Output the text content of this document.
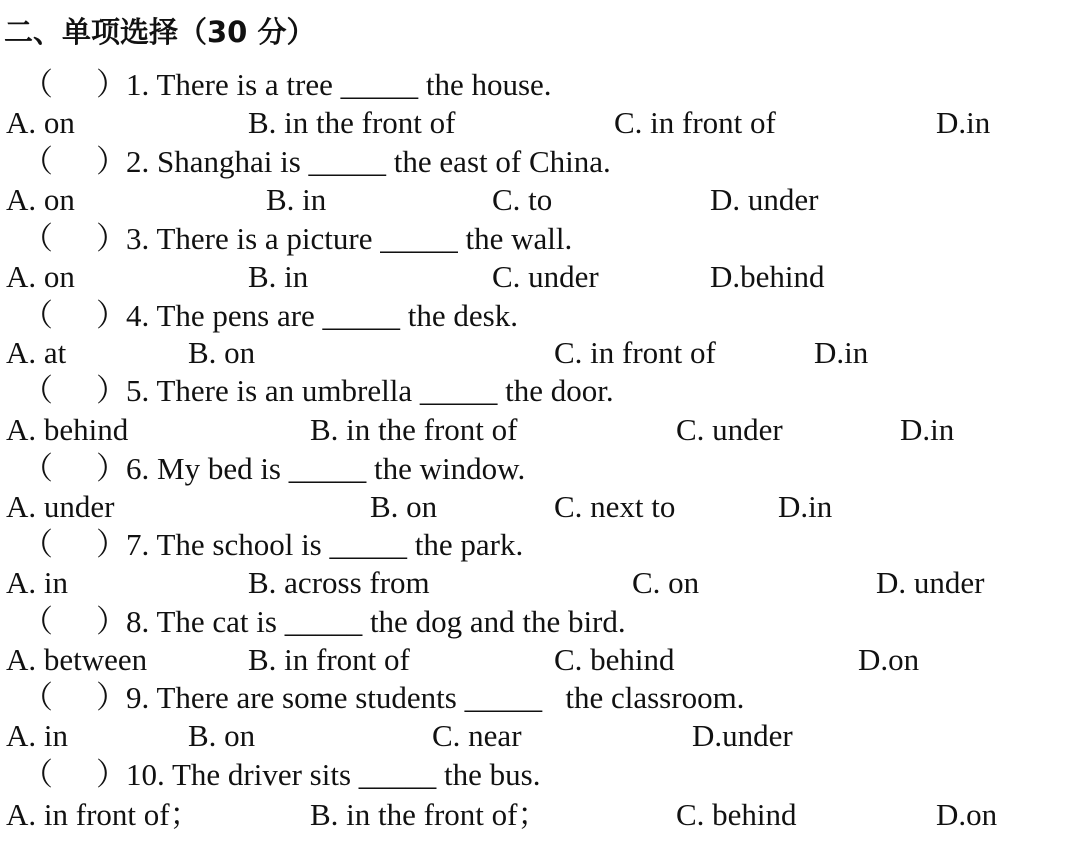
二、单项选择（30 分）
（ ） 1. There is a tree _____ the house.
A. on	B. in the front of	C. in front of	D.in
（ ） 2. Shanghai is _____ the east of China.
A. on	B. in	C. to	D. under
（ ） 3. There is a picture _____ the wall.
A. on	B. in	C. under	D.behind
（ ） 4. The pens are _____ the desk.
A. at	B. on	C. in front of	D.in
（ ） 5. There is an umbrella _____ the door.
A. behind	B. in the front of	C. under	D.in
（ ） 6. My bed is _____ the window.
A. under	B. on	C. next to	D.in
（ ） 7. The school is _____ the park.
A. in	B. across from	C. on	D. under
（ ） 8. The cat is _____ the dog and the bird.
A. between	B. in front of	C. behind	D.on
（ ） 9. There are some students _____   the classroom.
A. in	B. on	C. near	D.under
（ ） 10. The driver sits _____ the bus.
A. in front of；	B. in the front of；	C. behind	D.on
